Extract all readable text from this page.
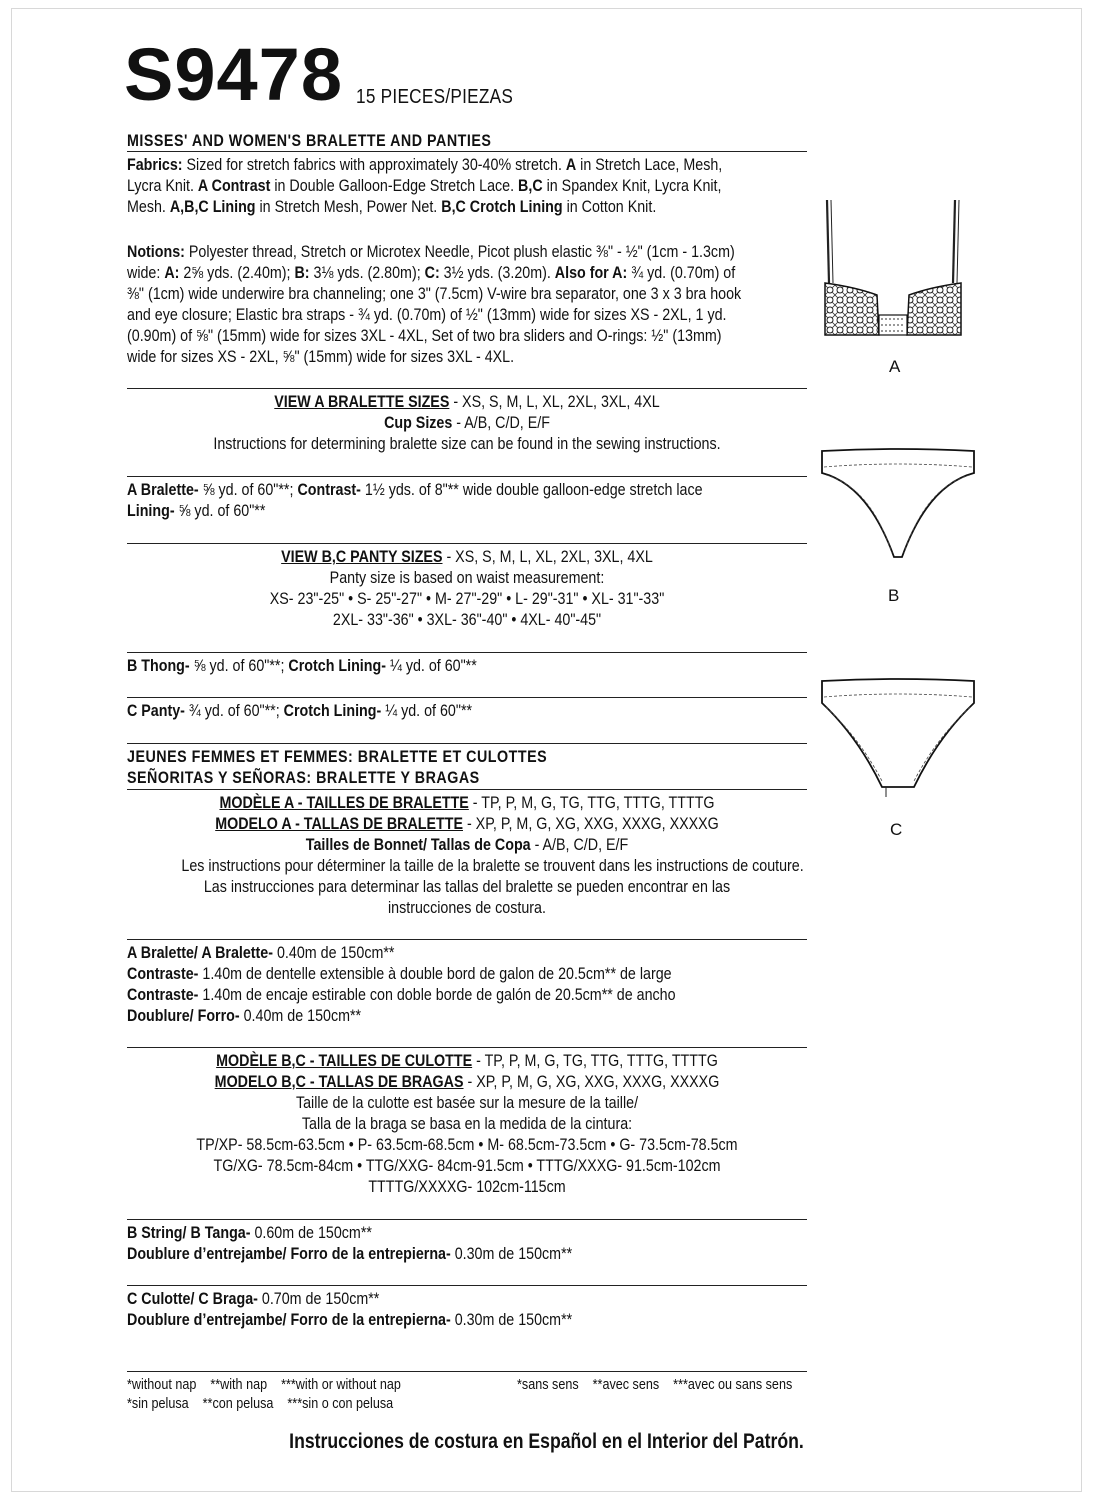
S9478 15 PIECES/PIEZAS
MISSES' AND WOMEN'S BRALETTE AND PANTIES
Fabrics: Sized for stretch fabrics with approximately 30-40% stretch. A in Stretch Lace, Mesh,
Lycra Knit. A Contrast in Double Galloon-Edge Stretch Lace. B,C in Spandex Knit, Lycra Knit,
Mesh. A,B,C Lining in Stretch Mesh, Power Net. B,C Crotch Lining in Cotton Knit.
Notions: Polyester thread, Stretch or Microtex Needle, Picot plush elastic ⅜" - ½" (1cm - 1.3cm)
wide: A: 2⅝ yds. (2.40m); B: 3⅛ yds. (2.80m); C: 3½ yds. (3.20m). Also for A: ¾ yd. (0.70m) of
⅜" (1cm) wide underwire bra channeling; one 3" (7.5cm) V-wire bra separator, one 3 x 3 bra hook
and eye closure; Elastic bra straps - ¾ yd. (0.70m) of ½" (13mm) wide for sizes XS - 2XL, 1 yd.
(0.90m) of ⅝" (15mm) wide for sizes 3XL - 4XL, Set of two bra sliders and O-rings: ½" (13mm)
wide for sizes XS - 2XL, ⅝" (15mm) wide for sizes 3XL - 4XL.
VIEW A BRALETTE SIZES - XS, S, M, L, XL, 2XL, 3XL, 4XL
Cup Sizes - A/B, C/D, E/F
Instructions for determining bralette size can be found in the sewing instructions.
A Bralette- ⅝ yd. of 60"**; Contrast- 1½ yds. of 8"** wide double galloon-edge stretch lace
Lining- ⅝ yd. of 60"**
VIEW B,C PANTY SIZES - XS, S, M, L, XL, 2XL, 3XL, 4XL
Panty size is based on waist measurement:
XS- 23"-25" • S- 25"-27" • M- 27"-29" • L- 29"-31" • XL- 31"-33"
2XL- 33"-36" • 3XL- 36"-40" • 4XL- 40"-45"
B Thong- ⅝ yd. of 60"**; Crotch Lining- ¼ yd. of 60"**
C Panty- ¾ yd. of 60"**; Crotch Lining- ¼ yd. of 60"**
JEUNES FEMMES ET FEMMES: BRALETTE ET CULOTTES
SEÑORITAS Y SEÑORAS: BRALETTE Y BRAGAS
MODÈLE A - TAILLES DE BRALETTE - TP, P, M, G, TG, TTG, TTTG, TTTTG
MODELO A - TALLAS DE BRALETTE - XP, P, M, G, XG, XXG, XXXG, XXXXG
Tailles de Bonnet/ Tallas de Copa - A/B, C/D, E/F
Les instructions pour déterminer la taille de la bralette se trouvent dans les instructions de couture.
Las instrucciones para determinar las tallas del bralette se pueden encontrar en las
instrucciones de costura.
A Bralette/ A Bralette- 0.40m de 150cm**
Contraste- 1.40m de dentelle extensible à double bord de galon de 20.5cm** de large
Contraste- 1.40m de encaje estirable con doble borde de galón de 20.5cm** de ancho
Doublure/ Forro- 0.40m de 150cm**
MODÈLE B,C - TAILLES DE CULOTTE - TP, P, M, G, TG, TTG, TTTG, TTTTG
MODELO B,C - TALLAS DE BRAGAS - XP, P, M, G, XG, XXG, XXXG, XXXXG
Taille de la culotte est basée sur la mesure de la taille/
Talla de la braga se basa en la medida de la cintura:
TP/XP- 58.5cm-63.5cm • P- 63.5cm-68.5cm • M- 68.5cm-73.5cm • G- 73.5cm-78.5cm
TG/XG- 78.5cm-84cm • TTG/XXG- 84cm-91.5cm • TTTG/XXXG- 91.5cm-102cm
TTTTG/XXXXG- 102cm-115cm
B String/ B Tanga- 0.60m de 150cm**
Doublure d’entrejambe/ Forro de la entrepierna- 0.30m de 150cm**
C Culotte/ C Braga- 0.70m de 150cm**
Doublure d’entrejambe/ Forro de la entrepierna- 0.30m de 150cm**
*without nap    **with nap    ***with or without nap
*sin pelusa    **con pelusa    ***sin o con pelusa
*sans sens    **avec sens    ***avec ou sans sens
Instrucciones de costura en Español en el Interior del Patrón.
A
B
C
